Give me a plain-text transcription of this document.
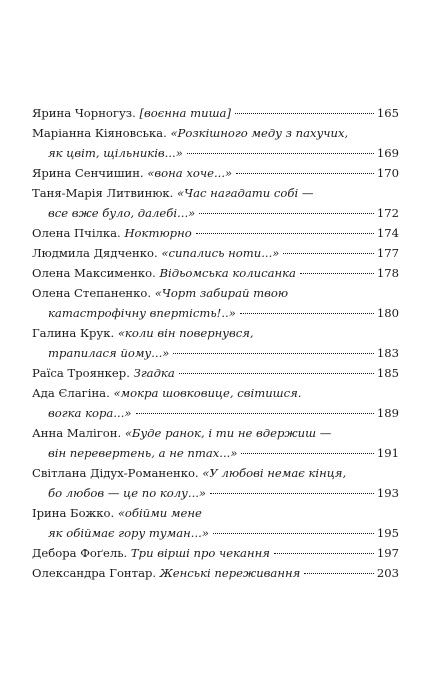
Ярина Чорногуз.
[воєнна тиша]	165
Маріанна Кіяновська.
«Розкішного меду з пахучих,
як цвіт, щільників...»	169
Ярина Сенчишин.
«вона хоче...»	170
Таня-Марія Литвинюк.
«Час нагадати собі —
все вже було, далебі...»	172
Олена Пчілка.
Ноктюрно	174
Людмила Дядченко.
«сипались ноти...»	177
Олена Максименко.
Відьомська колисанка	178
Олена Степаненко.
«Чорт забирай твою
катастрофічну впертість!..»	180
Галина Крук.
«коли він повернувся,
трапилася йому...»	183
Раїса Троянкер.
Згадка	185
Ада Єлагіна.
«мокра шовковице, світишся.
вогка кора...»	189
Анна Малігон.
«Буде ранок, і ти не вдержиш —
він перевертень, а не птах...»	191
Світлана Дідух-Романенко.
«У любові немає кінця,
бо любов — це по колу...»	193
Ірина Божко.
«обійми мене
як обіймає гору туман...»	195
Дебора Фоґель.
Три вірші про чекання	197
Олександра Гонтар.
Женські переживання	203
